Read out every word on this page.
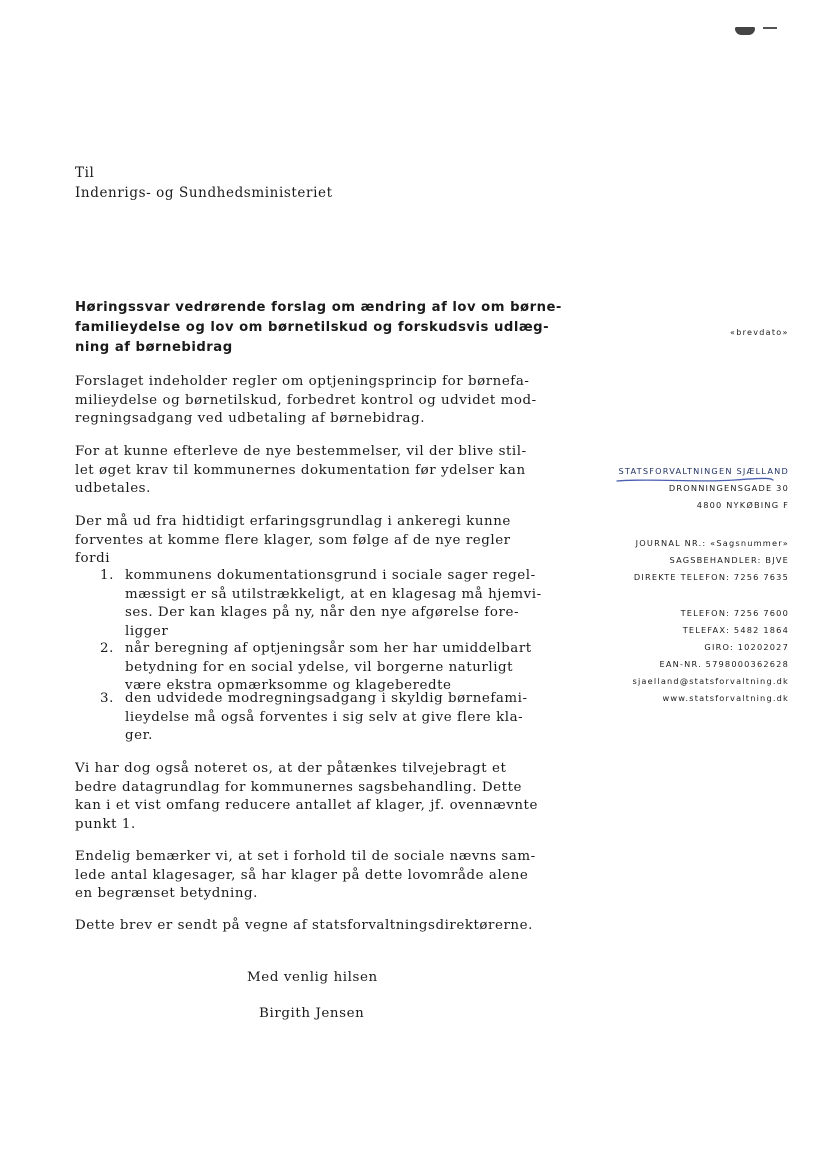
Til
Indenrigs- og Sundhedsministeriet
Høringssvar vedrørende forslag om ændring af lov om børne-
familieydelse og lov om børnetilskud og forskudsvis udlæg-
ning af børnebidrag
Forslaget indeholder regler om optjeningsprincip for børnefa-
milieydelse og børnetilskud, forbedret kontrol og udvidet mod-
regningsadgang ved udbetaling af børnebidrag.
For at kunne efterleve de nye bestemmelser, vil der blive stil-
let øget krav til kommunernes dokumentation før ydelser kan
udbetales.
Der må ud fra hidtidigt erfaringsgrundlag i ankeregi kunne
forventes at komme flere klager, som følge af de nye regler
fordi
1. kommunens dokumentationsgrund i sociale sager regel-
mæssigt er så utilstrækkeligt, at en klagesag må hjemvi-
ses. Der kan klages på ny, når den nye afgørelse fore-
ligger
2. når beregning af optjeningsår som her har umiddelbart
betydning for en social ydelse, vil borgerne naturligt
være ekstra opmærksomme og klageberedte
3. den udvidede modregningsadgang i skyldig børnefami-
lieydelse må også forventes i sig selv at give flere kla-
ger.
Vi har dog også noteret os, at der påtænkes tilvejebragt et
bedre datagrundlag for kommunernes sagsbehandling. Dette
kan i et vist omfang reducere antallet af klager, jf. ovennævnte
punkt 1.
Endelig bemærker vi, at set i forhold til de sociale nævns sam-
lede antal klagesager, så har klager på dette lovområde alene
en begrænset betydning.
Dette brev er sendt på vegne af statsforvaltningsdirektørerne.
Med venlig hilsen
Birgith Jensen
«brevdato»
STATSFORVALTNINGEN SJÆLLAND
DRONNINGENSGADE 30
4800 NYKØBING F
JOURNAL NR.: «Sagsnummer»
SAGSBEHANDLER: BJVE
DIREKTE TELEFON: 7256 7635
TELEFON: 7256 7600
TELEFAX: 5482 1864
GIRO: 10202027
EAN-NR. 5798000362628
sjaelland@statsforvaltning.dk
www.statsforvaltning.dk
